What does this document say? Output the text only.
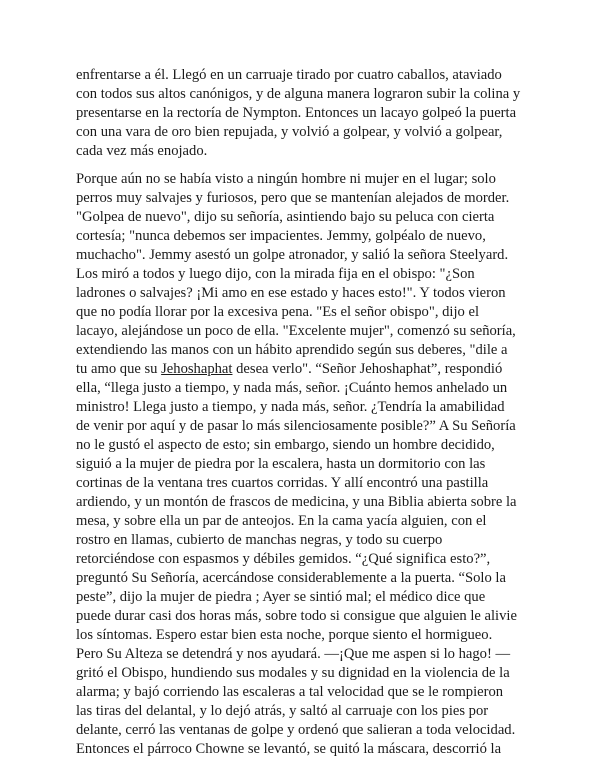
enfrentarse a él. Llegó en un carruaje tirado por cuatro caballos, ataviado
con todos sus altos canónigos, y de alguna manera lograron subir la colina y
presentarse en la rectoría de Nympton. Entonces un lacayo golpeó la puerta
con una vara de oro bien repujada, y volvió a golpear, y volvió a golpear,
cada vez más enojado.
Porque aún no se había visto a ningún hombre ni mujer en el lugar; solo
perros muy salvajes y furiosos, pero que se mantenían alejados de morder.
"Golpea de nuevo", dijo su señoría, asintiendo bajo su peluca con cierta
cortesía; "nunca debemos ser impacientes. Jemmy, golpéalo de nuevo,
muchacho". Jemmy asestó un golpe atronador, y salió la señora Steelyard.
Los miró a todos y luego dijo, con la mirada fija en el obispo: "¿Son
ladrones o salvajes? ¡Mi amo en ese estado y haces esto!". Y todos vieron
que no podía llorar por la excesiva pena. "Es el señor obispo", dijo el
lacayo, alejándose un poco de ella. "Excelente mujer", comenzó su señoría,
extendiendo las manos con un hábito aprendido según sus deberes, "dile a
tu amo que su Jehoshaphat desea verlo". “Señor Jehoshaphat”, respondió
ella, “llega justo a tiempo, y nada más, señor. ¡Cuánto hemos anhelado un
ministro! Llega justo a tiempo, y nada más, señor. ¿Tendría la amabilidad
de venir por aquí y de pasar lo más silenciosamente posible?” A Su Señoría
no le gustó el aspecto de esto; sin embargo, siendo un hombre decidido,
siguió a la mujer de piedra por la escalera, hasta un dormitorio con las
cortinas de la ventana tres cuartos corridas. Y allí encontró una pastilla
ardiendo, y un montón de frascos de medicina, y una Biblia abierta sobre la
mesa, y sobre ella un par de anteojos. En la cama yacía alguien, con el
rostro en llamas, cubierto de manchas negras, y todo su cuerpo
retorciéndose con espasmos y débiles gemidos. “¿Qué significa esto?”,
preguntó Su Señoría, acercándose considerablemente a la puerta. “Solo la
peste”, dijo la mujer de piedra ; Ayer se sintió mal; el médico dice que
puede durar casi dos horas más, sobre todo si consigue que alguien le alivie
los síntomas. Espero estar bien esta noche, porque siento el hormigueo.
Pero Su Alteza se detendrá y nos ayudará. —¡Que me aspen si lo hago! —
gritó el Obispo, hundiendo sus modales y su dignidad en la violencia de la
alarma; y bajó corriendo las escaleras a tal velocidad que se le rompieron
las tiras del delantal, y lo dejó atrás, y saltó al carruaje con los pies por
delante, cerró las ventanas de golpe y ordenó que salieran a toda velocidad.
Entonces el párroco Chowne se levantó, se quitó la máscara, descorrió la
